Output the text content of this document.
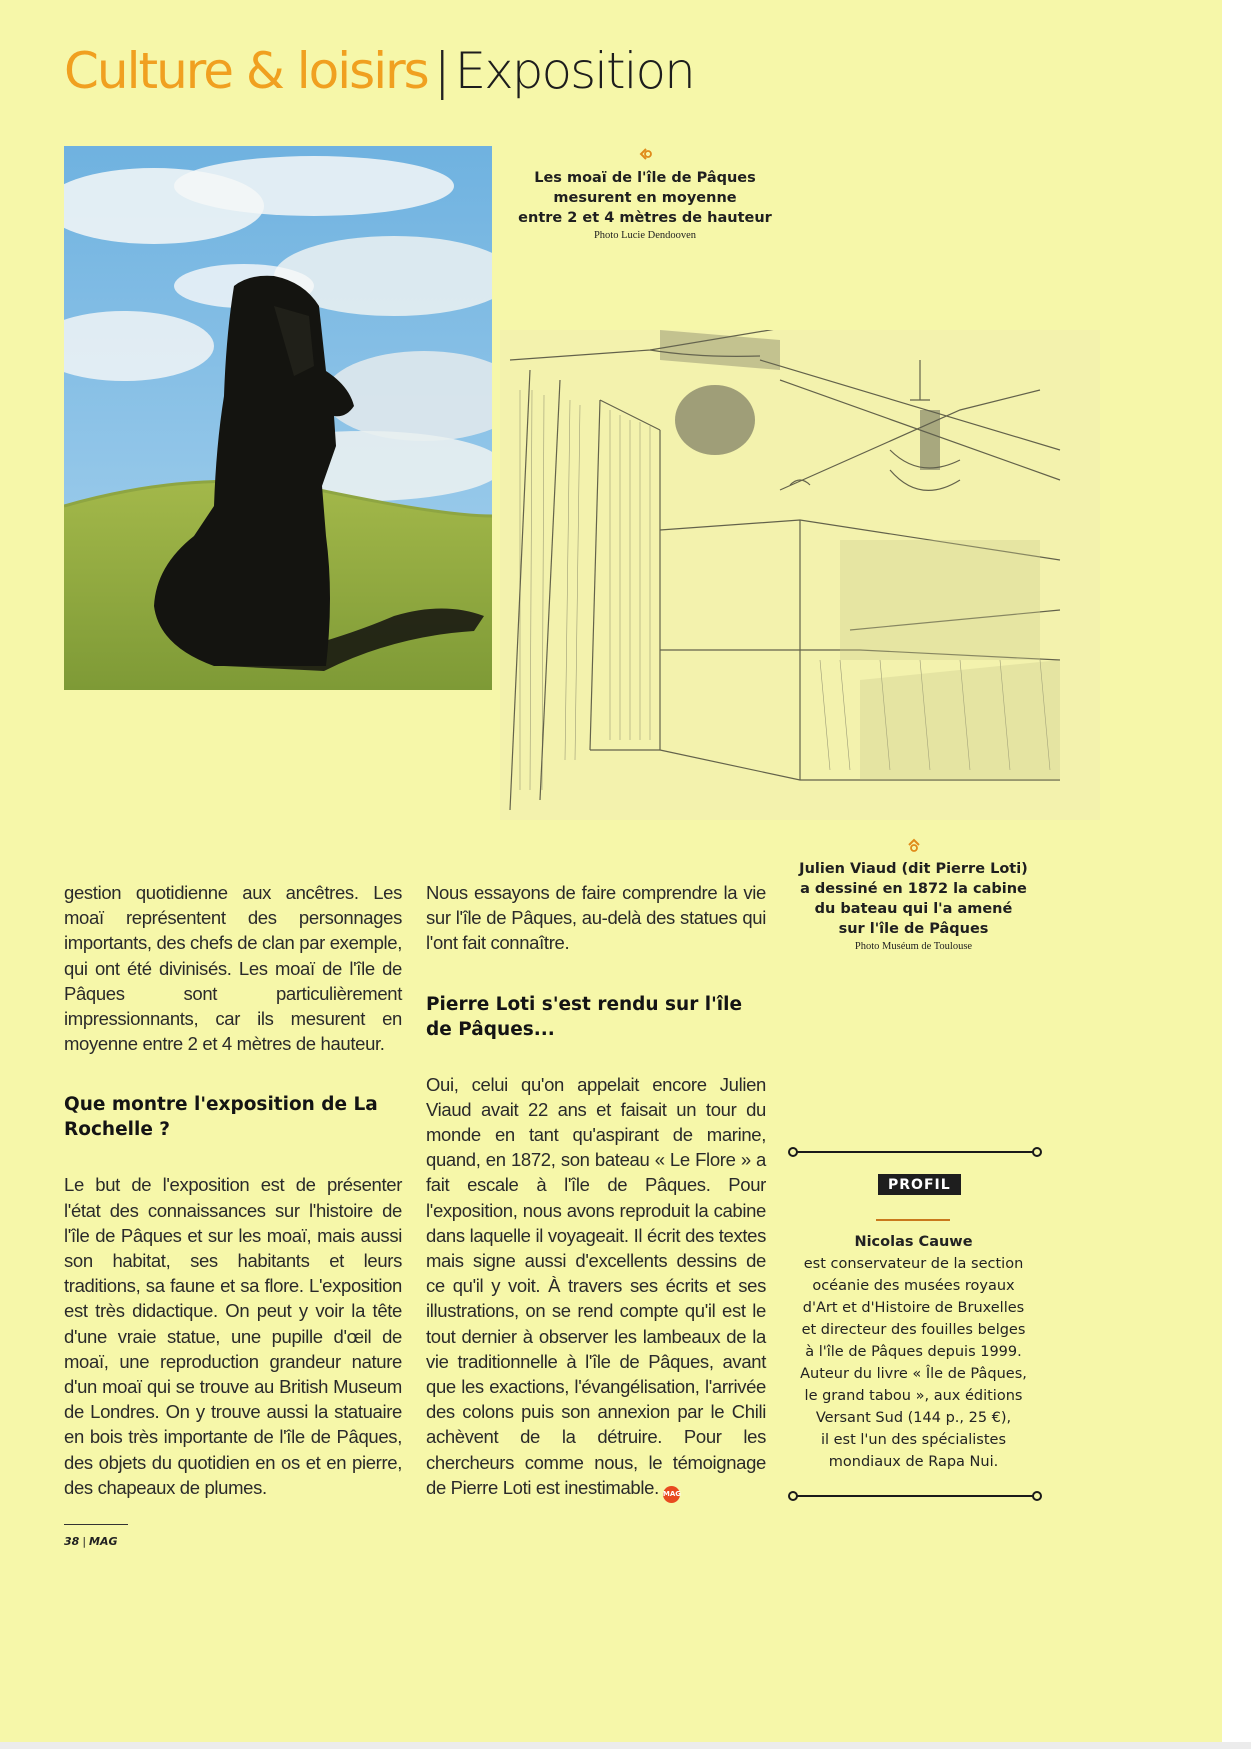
Culture & loisirs | Exposition
Les moaï de l'île de Pâques
mesurent en moyenne
entre 2 et 4 mètres de hauteur
Photo Lucie Dendooven
Julien Viaud (dit Pierre Loti)
a dessiné en 1872 la cabine
du bateau qui l'a amené
sur l'île de Pâques
Photo Muséum de Toulouse

gestion quotidienne aux ancêtres. Les moaï représentent des personnages importants, des chefs de clan par exemple, qui ont été divinisés. Les moaï de l'île de Pâques sont particulièrement impressionnants, car ils mesurent en moyenne entre 2 et 4 mètres de hauteur.

Que montre l'exposition de La Rochelle ?

Le but de l'exposition est de présenter l'état des connaissances sur l'histoire de l'île de Pâques et sur les moaï, mais aussi son habitat, ses habitants et leurs traditions, sa faune et sa flore. L'exposition est très didactique. On peut y voir la tête d'une vraie statue, une pupille d'œil de moaï, une reproduction grandeur nature d'un moaï qui se trouve au British Museum de Londres. On y trouve aussi la statuaire en bois très importante de l'île de Pâques, des objets du quotidien en os et en pierre, des chapeaux de plumes.

Nous essayons de faire comprendre la vie sur l'île de Pâques, au-delà des statues qui l'ont fait connaître.

Pierre Loti s'est rendu sur l'île de Pâques...

Oui, celui qu'on appelait encore Julien Viaud avait 22 ans et faisait un tour du monde en tant qu'aspirant de marine, quand, en 1872, son bateau « Le Flore » a fait escale à l'île de Pâques. Pour l'exposition, nous avons reproduit la cabine dans laquelle il voyageait. Il écrit des textes mais signe aussi d'excellents dessins de ce qu'il y voit. À travers ses écrits et ses illustrations, on se rend compte qu'il est le tout dernier à observer les lambeaux de la vie traditionnelle à l'île de Pâques, avant que les exactions, l'évangélisation, l'arrivée des colons puis son annexion par le Chili achèvent de la détruire. Pour les chercheurs comme nous, le témoignage de Pierre Loti est inestimable. MAG

PROFIL
Nicolas Cauwe
est conservateur de la section
océanie des musées royaux
d'Art et d'Histoire de Bruxelles
et directeur des fouilles belges
à l'île de Pâques depuis 1999.
Auteur du livre « Île de Pâques,
le grand tabou », aux éditions
Versant Sud (144 p., 25 €),
il est l'un des spécialistes
mondiaux de Rapa Nui.
38 | MAG
